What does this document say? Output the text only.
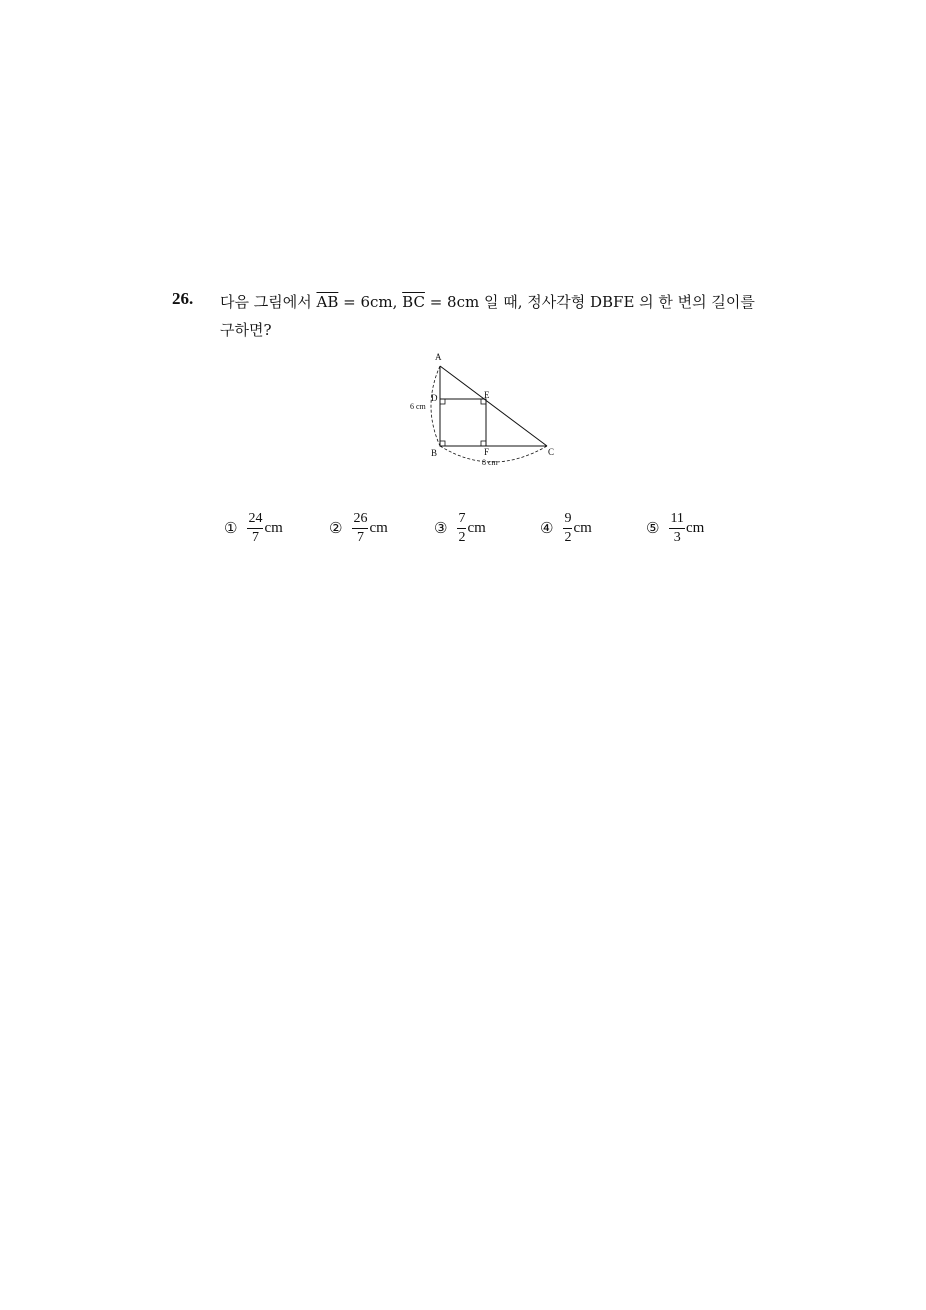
26. 다음 그림에서 $\overline{AB} = 6cm$, $\overline{BC} = 8cm$ 일 때, 정사각형 DBFE 의 한 변의 길이를
구하면?
A
B	C
D	E
F
6 cm
8 cm
① $\frac{24}{7}$ cm	② $\frac{26}{7}$ cm	③ $\frac{7}{2}$ cm	④ $\frac{9}{2}$ cm	⑤ $\frac{11}{3}$ cm
